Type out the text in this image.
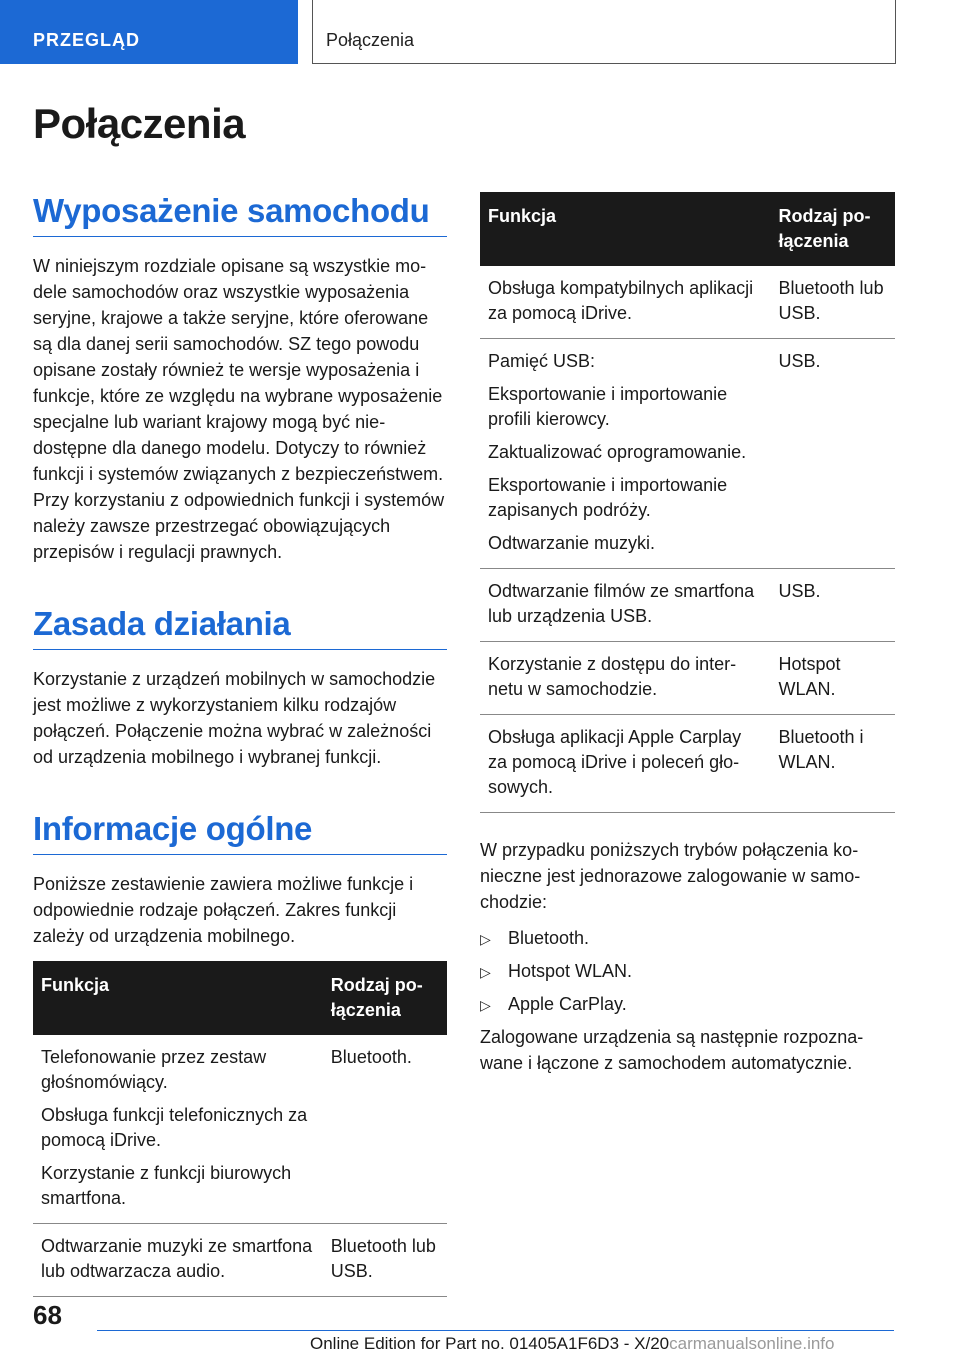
PRZEGLĄD	Połączenia
Połączenia
Wyposażenie samochodu

W niniejszym rozdziale opisane są wszystkie modele samochodów oraz wszystkie wyposażenia seryjne, krajowe a także seryjne, które oferowane są dla danej serii samochodów. SZ tego powodu opisane zostały również te wersje wyposażenia i funkcje, które ze względu na wybrane wyposażenie specjalne lub wariant krajowy mogą być niedostępne dla danego modelu. Dotyczy to również funkcji i systemów związanych z bezpieczeństwem. Przy korzystaniu z odpowiednich funkcji i systemów należy zawsze przestrzegać obowiązujących przepisów i regulacji prawnych.

Zasada działania

Korzystanie z urządzeń mobilnych w samochodzie jest możliwe z wykorzystaniem kilku rodzajów połączeń. Połączenie można wybrać w zależności od urządzenia mobilnego i wybranej funkcji.

Informacje ogólne

Poniższe zestawienie zawiera możliwe funkcje i odpowiednie rodzaje połączeń. Zakres funkcji zależy od urządzenia mobilnego.

Funkcja	Rodzaj połączenia

Telefonowanie przez zestaw głośnomówiący.

Obsługa funkcji telefonicznych za pomocą iDrive.

Korzystanie z funkcji biurowych smartfona.	Bluetooth.

Odtwarzanie muzyki ze smartfona lub odtwarzacza audio.	Bluetooth lub USB.
Funkcja	Rodzaj połączenia

Obsługa kompatybilnych aplikacji za pomocą iDrive.	Bluetooth lub USB.

Pamięć USB:

Eksportowanie i importowanie profili kierowcy.

Zaktualizować oprogramowanie.

Eksportowanie i importowanie zapisanych podróży.

Odtwarzanie muzyki.	USB.

Odtwarzanie filmów ze smartfona lub urządzenia USB.	USB.

Korzystanie z dostępu do internetu w samochodzie.	Hotspot WLAN.

Obsługa aplikacji Apple Carplay za pomocą iDrive i poleceń głosowych.	Bluetooth i WLAN.

W przypadku poniższych trybów połączenia konieczne jest jednorazowe zalogowanie w samochodzie:

▷ Bluetooth.
▷ Hotspot WLAN.
▷ Apple CarPlay.

Zalogowane urządzenia są następnie rozpoznawane i łączone z samochodem automatycznie.

68
Online Edition for Part no. 01405A1F6D3 - X/20carmanualsonline.info
